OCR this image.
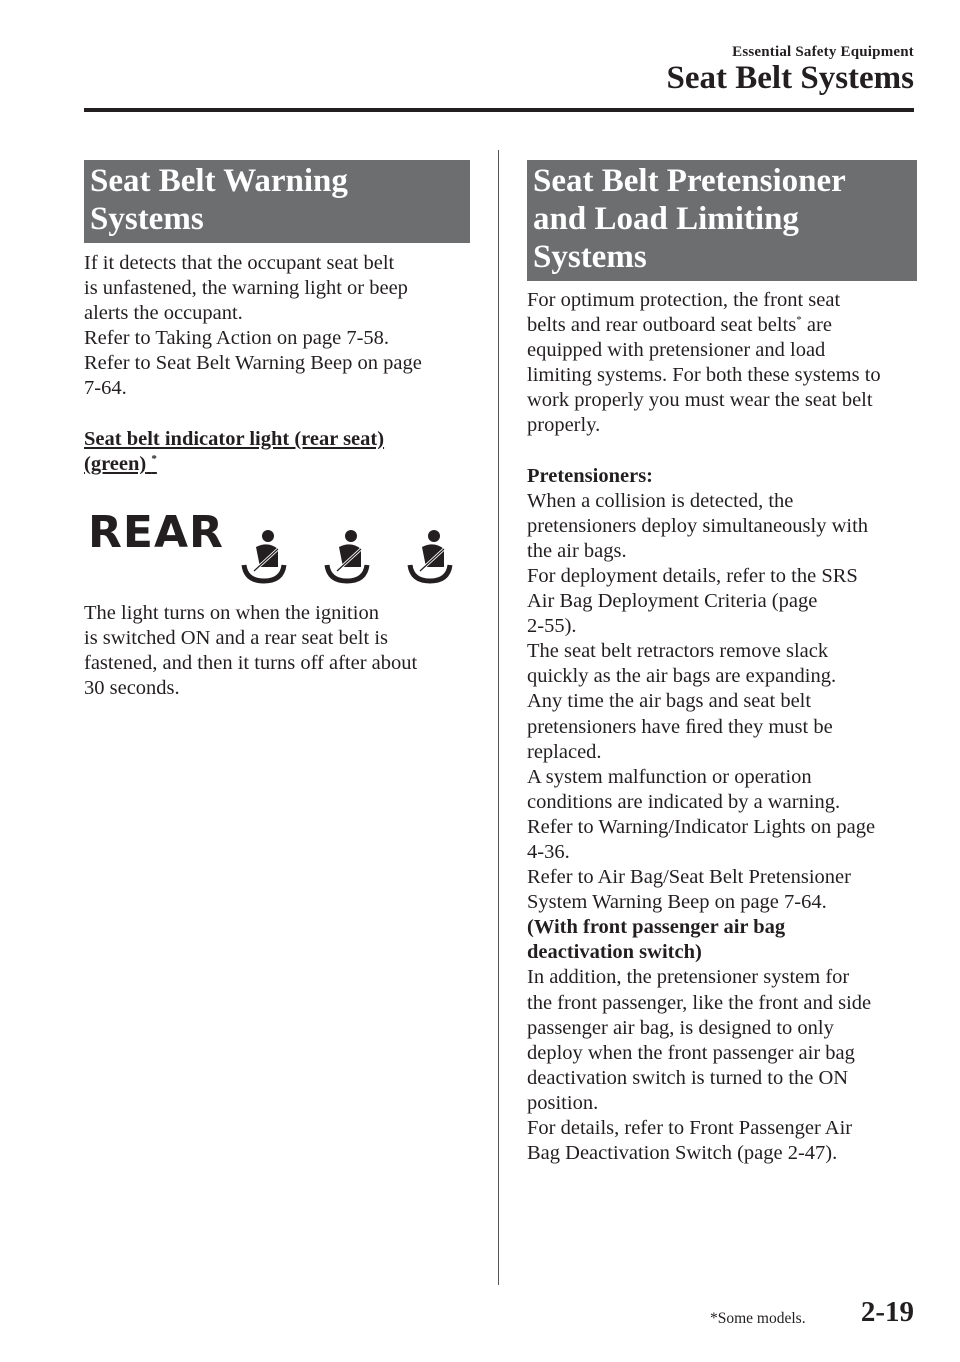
Essential Safety Equipment
Seat Belt Systems
Seat Belt Warning
Systems

If it detects that the occupant seat belt

is unfastened, the warning light or beep

alerts the occupant.

Refer to Taking Action on page 7-58.

Refer to Seat Belt Warning Beep on page

7-64.

Seat belt indicator light (rear seat)
(green) *
REAR

The light turns on when the ignition

is switched ON and a rear seat belt is

fastened, and then it turns off after about

30 seconds.

Seat Belt Pretensioner
and Load Limiting
Systems

For optimum protection, the front seat

belts and rear outboard seat belts* are

equipped with pretensioner and load

limiting systems. For both these systems to

work properly you must wear the seat belt

properly.

Pretensioners:

When a collision is detected, the

pretensioners deploy simultaneously with

the air bags.

For deployment details, refer to the SRS

Air Bag Deployment Criteria (page

2-55).

The seat belt retractors remove slack

quickly as the air bags are expanding.

Any time the air bags and seat belt

pretensioners have ﬁred they must be

replaced.

A system malfunction or operation

conditions are indicated by a warning.

Refer to Warning/Indicator Lights on page

4-36.

Refer to Air Bag/Seat Belt Pretensioner

System Warning Beep on page 7-64.

(With front passenger air bag

deactivation switch)

In addition, the pretensioner system for

the front passenger, like the front and side

passenger air bag, is designed to only

deploy when the front passenger air bag

deactivation switch is turned to the ON

position.

For details, refer to Front Passenger Air

Bag Deactivation Switch (page 2-47).

*Some models. 2-19
